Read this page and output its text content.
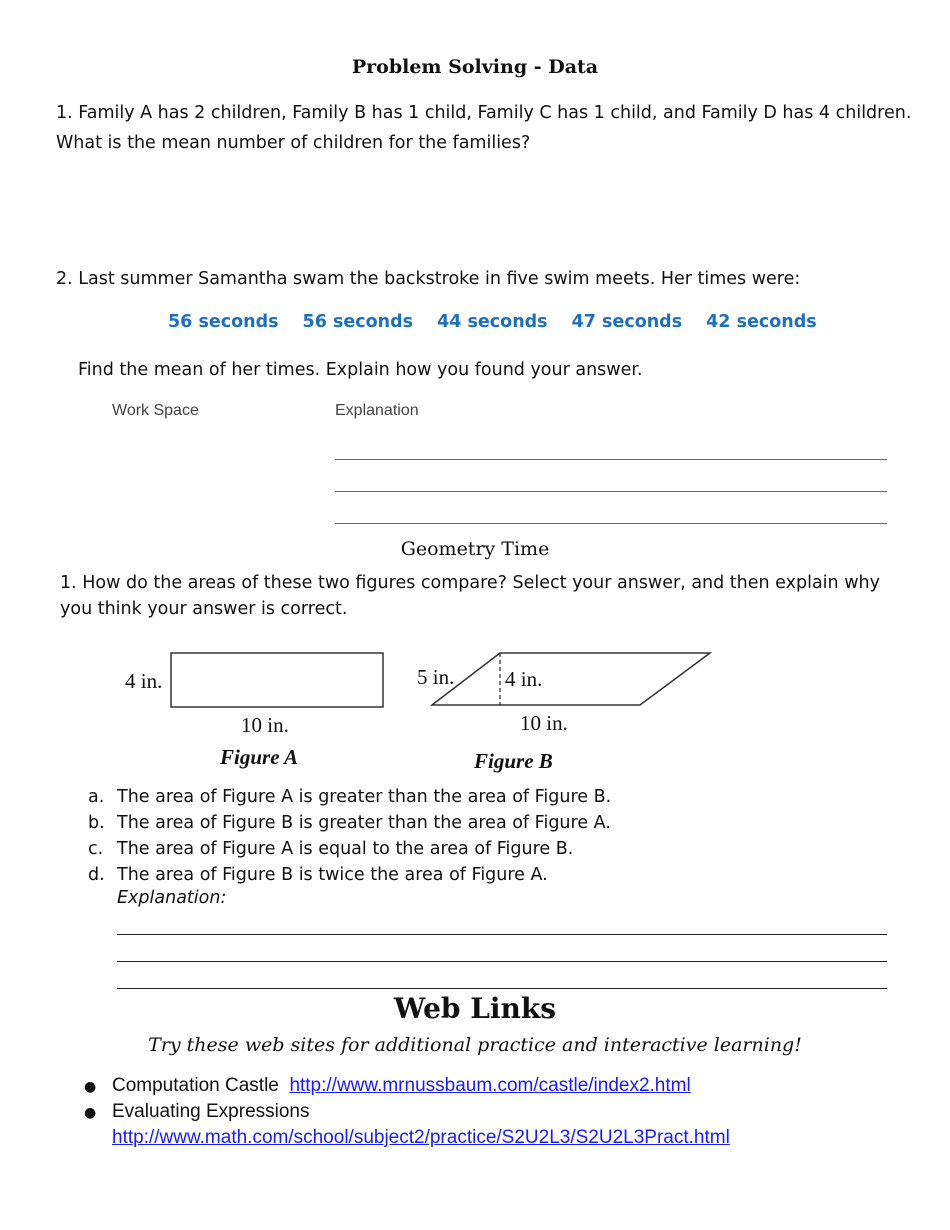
Problem Solving - Data
1. Family A has 2 children, Family B has 1 child, Family C has 1 child, and Family D has 4 children.
What is the mean number of children for the families?
2. Last summer Samantha swam the backstroke in five swim meets. Her times were:
56 seconds 56 seconds 44 seconds 47 seconds 42 seconds
Find the mean of her times. Explain how you found your answer.
Work Space	Explanation
Geometry Time
1. How do the areas of these two figures compare? Select your answer, and then explain why
you think your answer is correct.
4 in.
10 in.
Figure A
5 in. 4 in.
10 in.
Figure B
a. The area of Figure A is greater than the area of Figure B.
b. The area of Figure B is greater than the area of Figure A.
c. The area of Figure A is equal to the area of Figure B.
d. The area of Figure B is twice the area of Figure A.
Explanation:
Web Links
Try these web sites for additional practice and interactive learning!
● Computation Castle http://www.mrnussbaum.com/castle/index2.html
● Evaluating Expressions
http://www.math.com/school/subject2/practice/S2U2L3/S2U2L3Pract.html
